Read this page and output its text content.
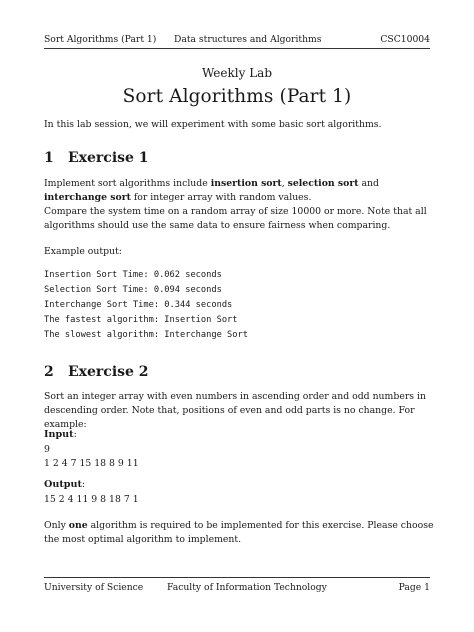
Sort Algorithms (Part 1) Data structures and Algorithms	CSC10004
Weekly Lab
Sort Algorithms (Part 1)
In this lab session, we will experiment with some basic sort algorithms.
1 Exercise 1
Implement sort algorithms include insertion sort, selection sort and interchange sort for integer array with random values.
Compare the system time on a random array of size 10000 or more. Note that all algorithms should use the same data to ensure fairness when comparing.
Example output:
Insertion Sort Time: 0.062 seconds
Selection Sort Time: 0.094 seconds
Interchange Sort Time: 0.344 seconds
The fastest algorithm: Insertion Sort
The slowest algorithm: Interchange Sort
2 Exercise 2
Sort an integer array with even numbers in ascending order and odd numbers in descending order. Note that, positions of even and odd parts is no change. For example:
Input:
9
1 2 4 7 15 18 8 9 11
Output:
15 2 4 11 9 8 18 7 1
Only one algorithm is required to be implemented for this exercise. Please choose the most optimal algorithm to implement.
University of Science	Faculty of Information Technology	Page 1
